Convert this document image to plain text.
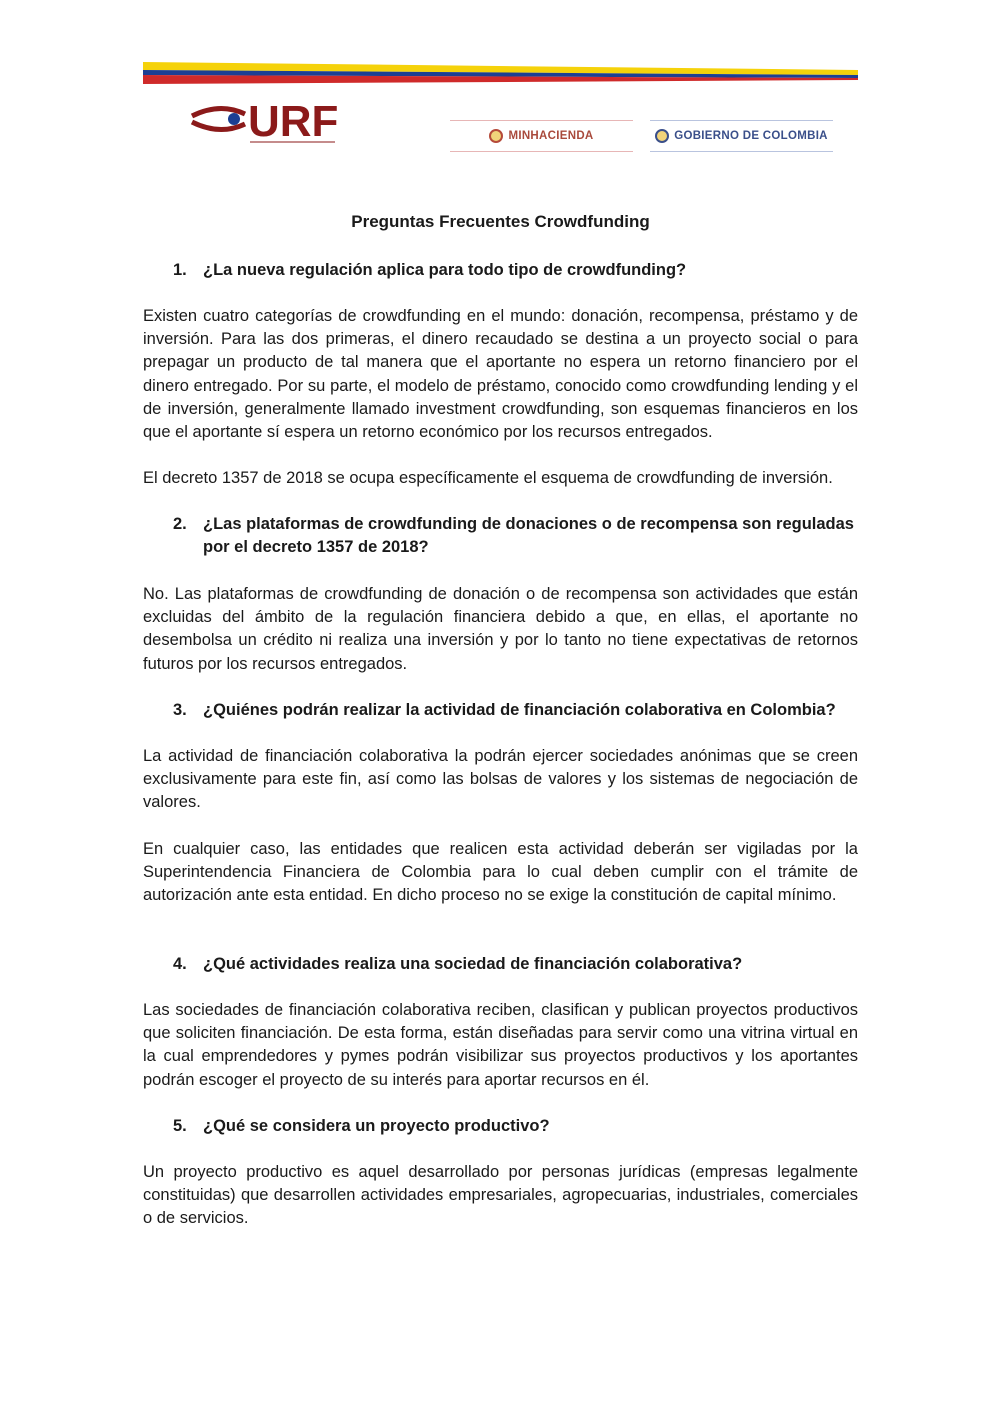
URF	MINHACIENDA	GOBIERNO DE COLOMBIA
Preguntas Frecuentes Crowdfunding
1. ¿La nueva regulación aplica para todo tipo de crowdfunding?
Existen cuatro categorías de crowdfunding en el mundo: donación, recompensa, préstamo y de inversión. Para las dos primeras, el dinero recaudado se destina a un proyecto social o para prepagar un producto de tal manera que el aportante no espera un retorno financiero por el dinero entregado. Por su parte, el modelo de préstamo, conocido como crowdfunding lending y el de inversión, generalmente llamado investment crowdfunding, son esquemas financieros en los que el aportante sí espera un retorno económico por los recursos entregados.
El decreto 1357 de 2018 se ocupa específicamente el esquema de crowdfunding de inversión.
2. ¿Las plataformas de crowdfunding de donaciones o de recompensa son reguladas por el decreto 1357 de 2018?
No. Las plataformas de crowdfunding de donación o de recompensa son actividades que están excluidas del ámbito de la regulación financiera debido a que, en ellas, el aportante no desembolsa un crédito ni realiza una inversión y por lo tanto no tiene expectativas de retornos futuros por los recursos entregados.
3. ¿Quiénes podrán realizar la actividad de financiación colaborativa en Colombia?
La actividad de financiación colaborativa la podrán ejercer sociedades anónimas que se creen exclusivamente para este fin, así como las bolsas de valores y los sistemas de negociación de valores.
En cualquier caso, las entidades que realicen esta actividad deberán ser vigiladas por la Superintendencia Financiera de Colombia para lo cual deben cumplir con el trámite de autorización ante esta entidad. En dicho proceso no se exige la constitución de capital mínimo.
4. ¿Qué actividades realiza una sociedad de financiación colaborativa?
Las sociedades de financiación colaborativa reciben, clasifican y publican proyectos productivos que soliciten financiación. De esta forma, están diseñadas para servir como una vitrina virtual en la cual emprendedores y pymes podrán visibilizar sus proyectos productivos y los aportantes podrán escoger el proyecto de su interés para aportar recursos en él.
5. ¿Qué se considera un proyecto productivo?
Un proyecto productivo es aquel desarrollado por personas jurídicas (empresas legalmente constituidas) que desarrollen actividades empresariales, agropecuarias, industriales, comerciales o de servicios.
